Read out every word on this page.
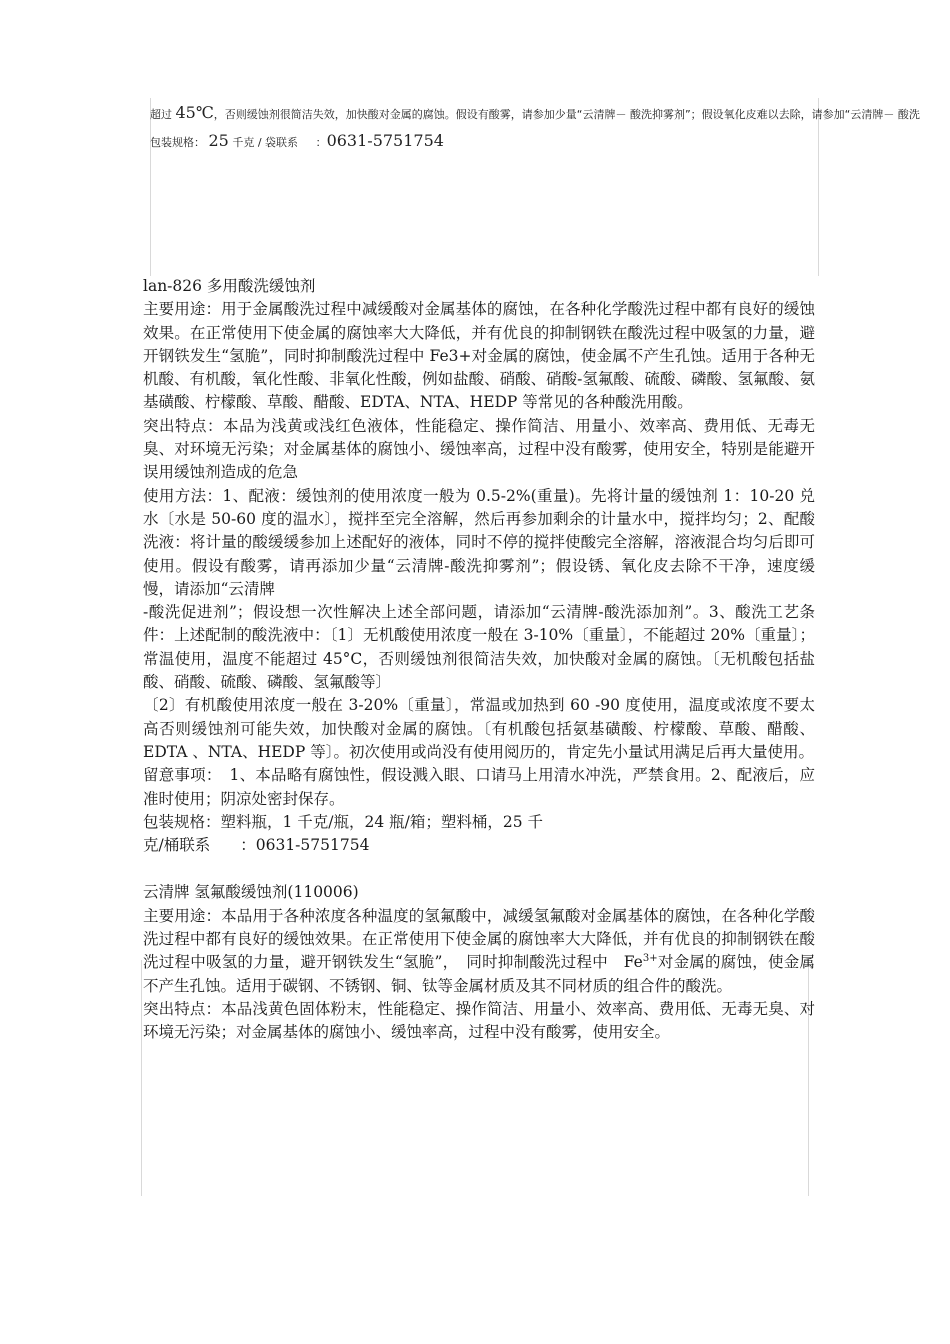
超过 45℃，否则缓蚀剂很简洁失效，加快酸对金属的腐蚀。假设有酸雾，请参加少量“云清牌－ 酸洗抑雾剂”；假设氧化皮难以去除，请参加“云清牌－ 酸洗
包装规格： 25 千克 / 袋联系 ：0631-5751754

lan-826 多用酸洗缓蚀剂

主要用途：用于金属酸洗过程中减缓酸对金属基体的腐蚀，在各种化学酸洗过程中都有良好的缓蚀效果。在正常使用下使金属的腐蚀率大大降低，并有优良的抑制钢铁在酸洗过程中吸氢的力量，避开钢铁发生“氢脆”，同时抑制酸洗过程中 Fe3+对金属的腐蚀，使金属不产生孔蚀。适用于各种无机酸、有机酸，氧化性酸、非氧化性酸，例如盐酸、硝酸、硝酸-氢氟酸、硫酸、磷酸、氢氟酸、氨基磺酸、柠檬酸、草酸、醋酸、EDTA、NTA、HEDP 等常见的各种酸洗用酸。

突出特点：本品为浅黄或浅红色液体，性能稳定、操作简洁、用量小、效率高、费用低、无毒无臭、对环境无污染；对金属基体的腐蚀小、缓蚀率高，过程中没有酸雾，使用安全，特别是能避开误用缓蚀剂造成的危急

使用方法：1、配液：缓蚀剂的使用浓度一般为 0.5-2%(重量)。先将计量的缓蚀剂 1：10-20 兑水〔水是 50-60 度的温水〕，搅拌至完全溶解，然后再参加剩余的计量水中，搅拌均匀；2、配酸洗液：将计量的酸缓缓参加上述配好的液体，同时不停的搅拌使酸完全溶解，溶液混合均匀后即可使用。假设有酸雾，请再添加少量“云清牌-酸洗抑雾剂”；假设锈、氧化皮去除不干净，速度缓慢，请添加“云清牌

-酸洗促进剂”；假设想一次性解决上述全部问题，请添加“云清牌-酸洗添加剂”。3、酸洗工艺条件：上述配制的酸洗液中：〔1〕无机酸使用浓度一般在 3-10%〔重量〕，不能超过 20%〔重量〕；常温使用，温度不能超过 45°C，否则缓蚀剂很简洁失效，加快酸对金属的腐蚀。〔无机酸包括盐酸、硝酸、硫酸、磷酸、氢氟酸等〕

〔2〕有机酸使用浓度一般在 3-20%〔重量〕，常温或加热到 60 -90 度使用，温度或浓度不要太高否则缓蚀剂可能失效，加快酸对金属的腐蚀。〔有机酸包括氨基磺酸、柠檬酸、草酸、醋酸、EDTA 、NTA、HEDP 等〕。初次使用或尚没有使用阅历的，肯定先小量试用满足后再大量使用。

留意事项：　1、本品略有腐蚀性，假设溅入眼、口请马上用清水冲洗，严禁食用。2、配液后，应准时使用；阴凉处密封保存。

包装规格：塑料瓶，1 千克/瓶，24 瓶/箱；塑料桶，25 千

克/桶联系 ：0631-5751754

云清牌 氢氟酸缓蚀剂(110006)

主要用途：本品用于各种浓度各种温度的氢氟酸中，减缓氢氟酸对金属基体的腐蚀，在各种化学酸洗过程中都有良好的缓蚀效果。在正常使用下使金属的腐蚀率大大降低，并有优良的抑制钢铁在酸洗过程中吸氢的力量，避开钢铁发生“氢脆”，　同时抑制酸洗过程中　$Fe^{3+}$对金属的腐蚀，使金属不产生孔蚀。适用于碳钢、不锈钢、铜、钛等金属材质及其不同材质的组合件的酸洗。

突出特点：本品浅黄色固体粉末，性能稳定、操作简洁、用量小、效率高、费用低、无毒无臭、对环境无污染；对金属基体的腐蚀小、缓蚀率高，过程中没有酸雾，使用安全。
